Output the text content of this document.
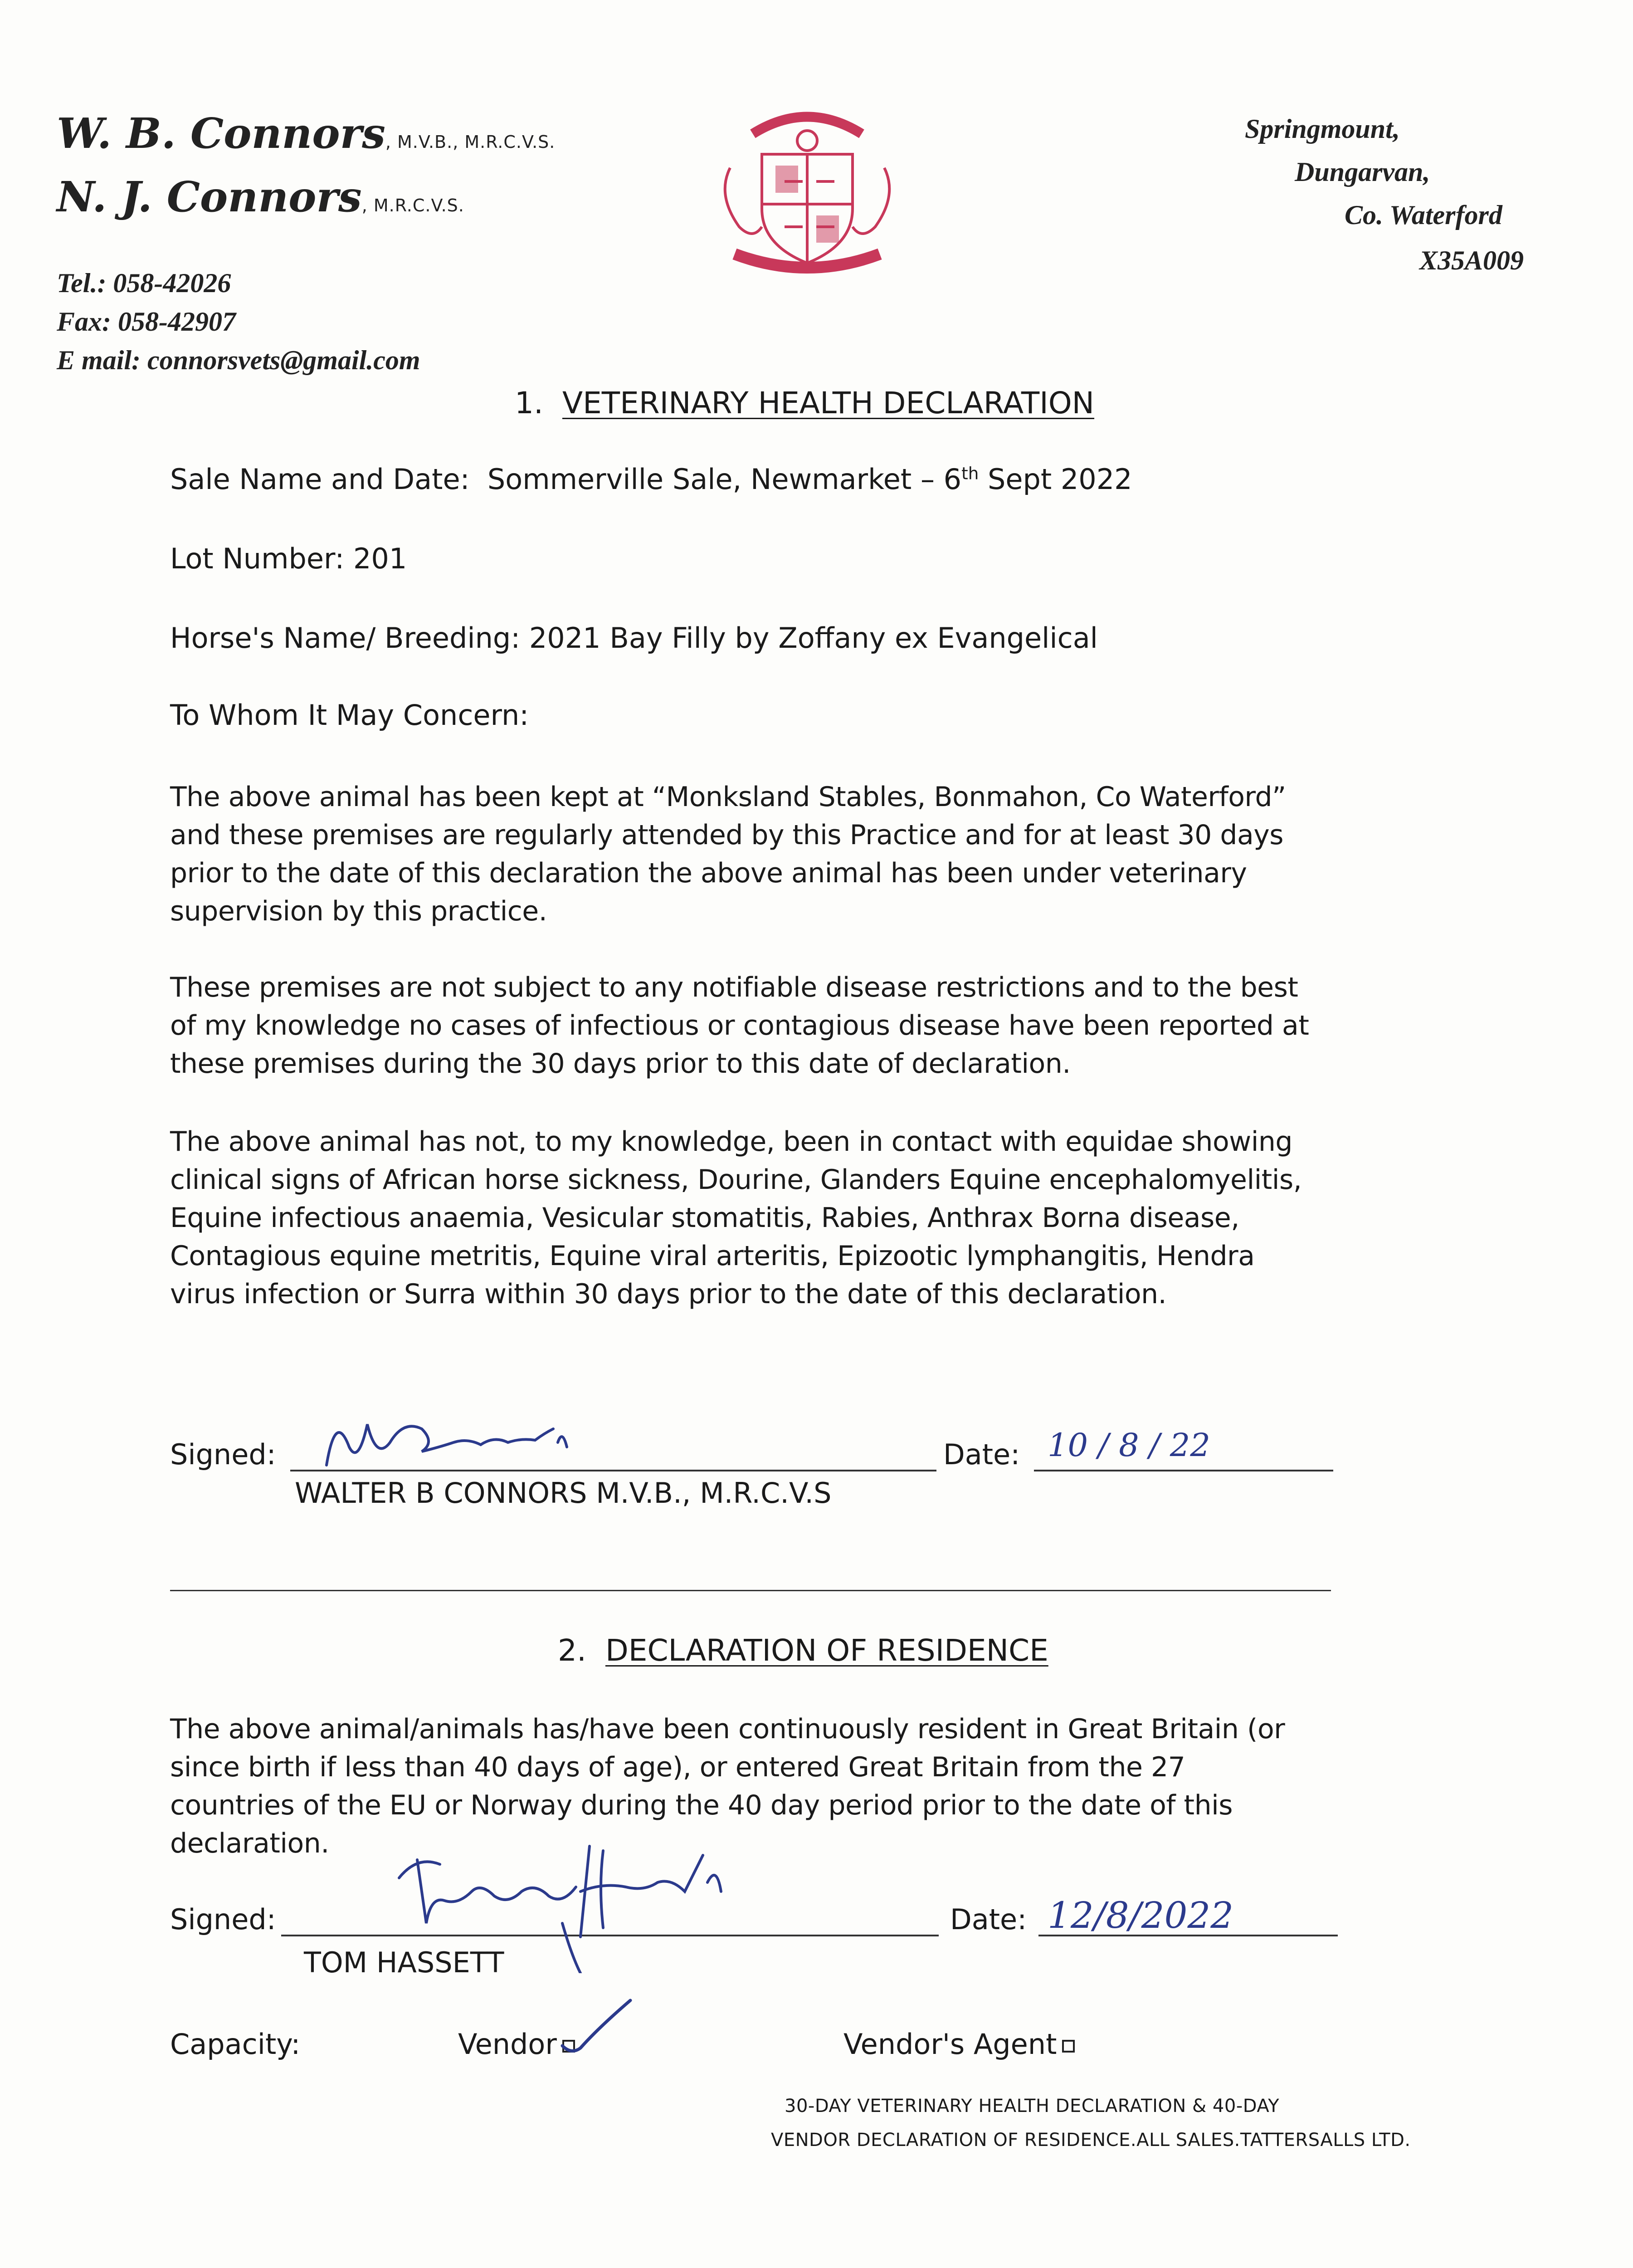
W. B. Connors, M.V.B., M.R.C.V.S.
N. J. Connors, M.R.C.V.S.
Tel.: 058-42026
Fax: 058-42907
E mail: connorsvets@gmail.com
Springmount,
Dungarvan,
Co. Waterford
X35A009
1. VETERINARY HEALTH DECLARATION
Sale Name and Date: Sommerville Sale, Newmarket – 6th Sept 2022
Lot Number: 201
Horse's Name/ Breeding: 2021 Bay Filly by Zoffany ex Evangelical
To Whom It May Concern:
The above animal has been kept at “Monksland Stables, Bonmahon, Co Waterford”
and these premises are regularly attended by this Practice and for at least 30 days
prior to the date of this declaration the above animal has been under veterinary
supervision by this practice.
These premises are not subject to any notifiable disease restrictions and to the best
of my knowledge no cases of infectious or contagious disease have been reported at
these premises during the 30 days prior to this date of declaration.
The above animal has not, to my knowledge, been in contact with equidae showing
clinical signs of African horse sickness, Dourine, Glanders Equine encephalomyelitis,
Equine infectious anaemia, Vesicular stomatitis, Rabies, Anthrax Borna disease,
Contagious equine metritis, Equine viral arteritis, Epizootic lymphangitis, Hendra
virus infection or Surra within 30 days prior to the date of this declaration.
Signed:	Date: 10 / 8 / 22
WALTER B CONNORS M.V.B., M.R.C.V.S
2. DECLARATION OF RESIDENCE
The above animal/animals has/have been continuously resident in Great Britain (or
since birth if less than 40 days of age), or entered Great Britain from the 27
countries of the EU or Norway during the 40 day period prior to the date of this
declaration.
Signed:	Date: 12/8/2022
TOM HASSETT
Capacity:	Vendor	Vendor's Agent
30-DAY VETERINARY HEALTH DECLARATION & 40-DAY
VENDOR DECLARATION OF RESIDENCE.ALL SALES.TATTERSALLS LTD.
